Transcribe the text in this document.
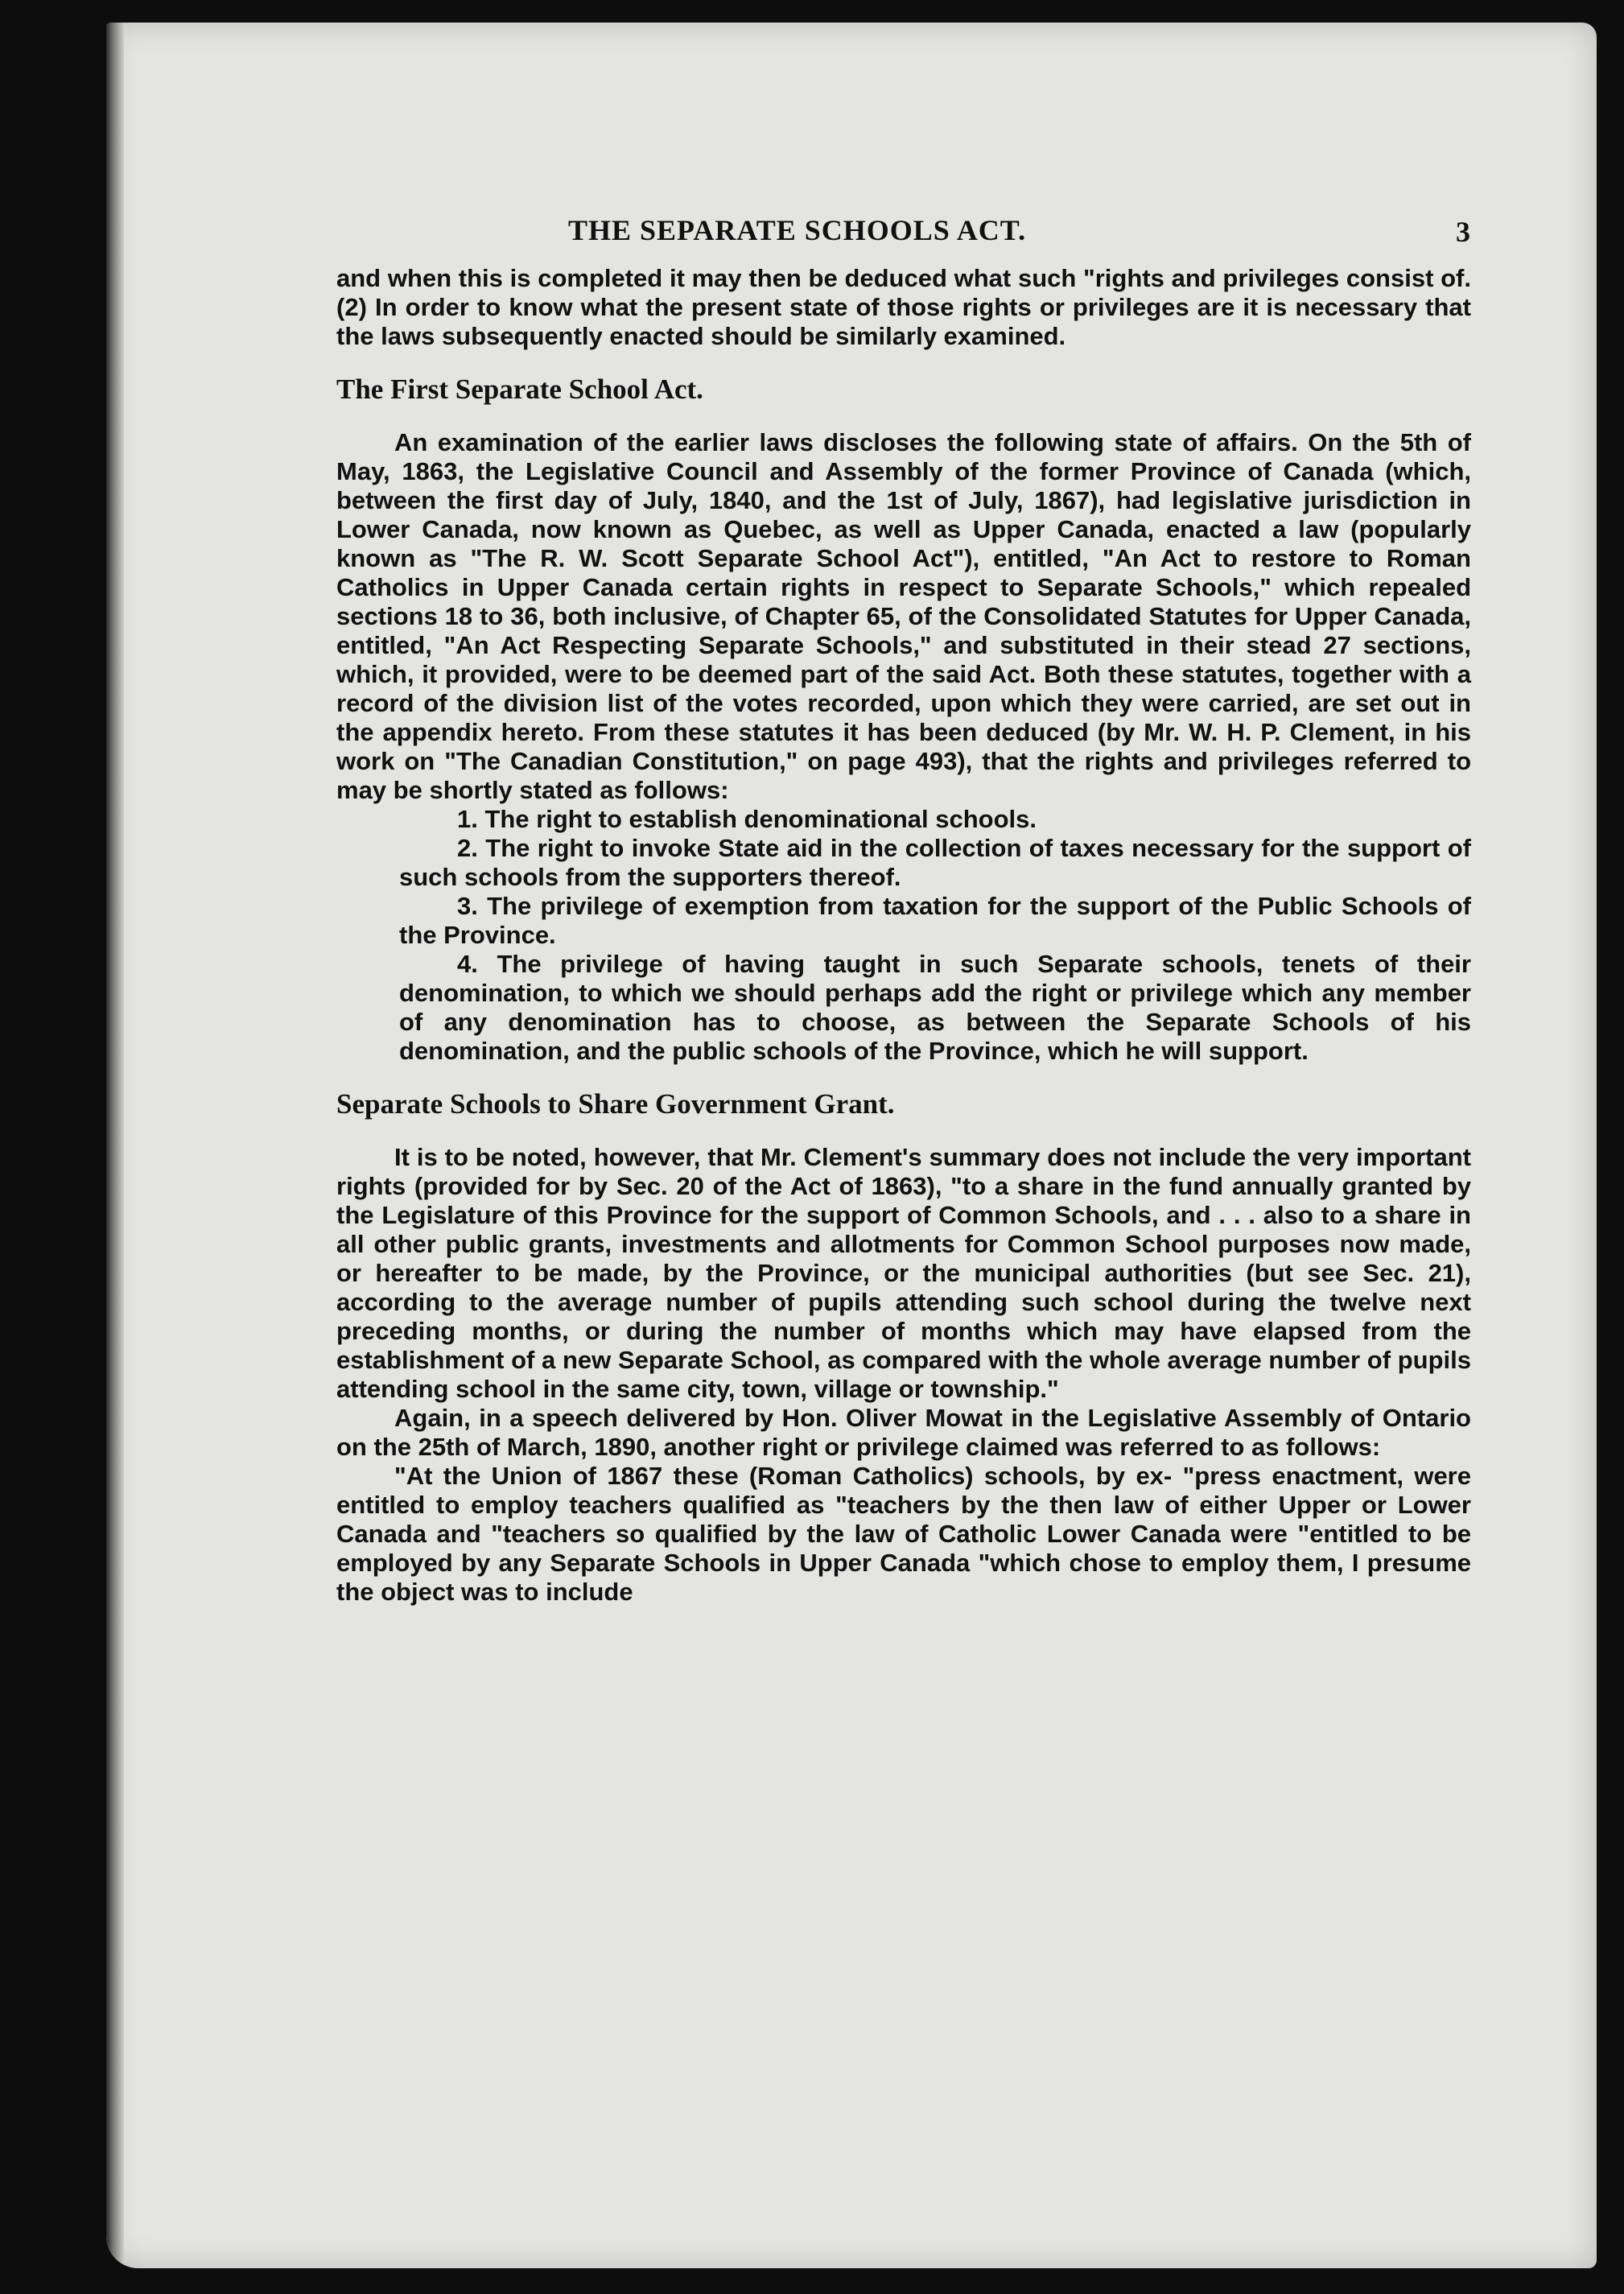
THE SEPARATE SCHOOLS ACT.	3

and when this is completed it may then be deduced what such "rights and privileges consist of. (2) In order to know what the present state of those rights or privileges are it is necessary that the laws subsequently enacted should be similarly examined.

The First Separate School Act.

An examination of the earlier laws discloses the following state of affairs. On the 5th of May, 1863, the Legislative Council and Assembly of the former Province of Canada (which, between the first day of July, 1840, and the 1st of July, 1867), had legislative jurisdiction in Lower Canada, now known as Quebec, as well as Upper Canada, enacted a law (popularly known as "The R. W. Scott Separate School Act"), entitled, "An Act to restore to Roman Catholics in Upper Canada certain rights in respect to Separate Schools," which repealed sections 18 to 36, both inclusive, of Chapter 65, of the Consolidated Statutes for Upper Canada, entitled, "An Act Respecting Separate Schools," and substituted in their stead 27 sections, which, it provided, were to be deemed part of the said Act. Both these statutes, together with a record of the division list of the votes recorded, upon which they were carried, are set out in the appendix hereto. From these statutes it has been deduced (by Mr. W. H. P. Clement, in his work on "The Canadian Constitution," on page 493), that the rights and privileges referred to may be shortly stated as follows:

1. The right to establish denominational schools.

2. The right to invoke State aid in the collection of taxes necessary for the support of such schools from the supporters thereof.

3. The privilege of exemption from taxation for the support of the Public Schools of the Province.

4. The privilege of having taught in such Separate schools, tenets of their denomination, to which we should perhaps add the right or privilege which any member of any denomination has to choose, as between the Separate Schools of his denomination, and the public schools of the Province, which he will support.

Separate Schools to Share Government Grant.

It is to be noted, however, that Mr. Clement's summary does not include the very important rights (provided for by Sec. 20 of the Act of 1863), "to a share in the fund annually granted by the Legislature of this Province for the support of Common Schools, and . . . also to a share in all other public grants, investments and allotments for Common School purposes now made, or hereafter to be made, by the Province, or the municipal authorities (but see Sec. 21), according to the average number of pupils attending such school during the twelve next preceding months, or during the number of months which may have elapsed from the establishment of a new Separate School, as compared with the whole average number of pupils attending school in the same city, town, village or township."

Again, in a speech delivered by Hon. Oliver Mowat in the Legislative Assembly of Ontario on the 25th of March, 1890, another right or privilege claimed was referred to as follows:

"At the Union of 1867 these (Roman Catholics) schools, by ex- "press enactment, were entitled to employ teachers qualified as "teachers by the then law of either Upper or Lower Canada and "teachers so qualified by the law of Catholic Lower Canada were "entitled to be employed by any Separate Schools in Upper Canada "which chose to employ them, I presume the object was to include
